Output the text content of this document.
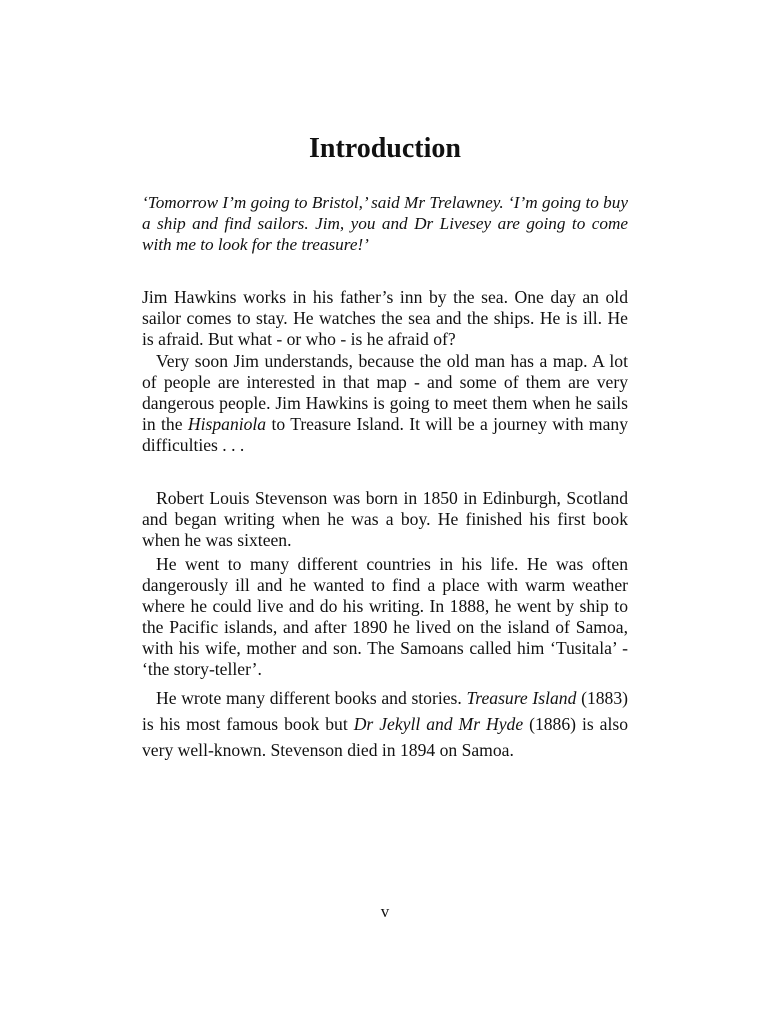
Introduction

‘Tomorrow I’m going to Bristol,’ said Mr Trelawney. ‘I’m going to buy a ship and find sailors. Jim, you and Dr Livesey are going to come with me to look for the treasure!’

Jim Hawkins works in his father’s inn by the sea. One day an old sailor comes to stay. He watches the sea and the ships. He is ill. He is afraid. But what - or who - is he afraid of?

Very soon Jim understands, because the old man has a map. A lot of people are interested in that map - and some of them are very dangerous people. Jim Hawkins is going to meet them when he sails in the Hispaniola to Treasure Island. It will be a journey with many difficulties . . .

Robert Louis Stevenson was born in 1850 in Edinburgh, Scotland and began writing when he was a boy. He finished his first book when he was sixteen.

He went to many different countries in his life. He was often dangerously ill and he wanted to find a place with warm weather where he could live and do his writing. In 1888, he went by ship to the Pacific islands, and after 1890 he lived on the island of Samoa, with his wife, mother and son. The Samoans called him ‘Tusitala’ - ‘the story-teller’.

He wrote many different books and stories. Treasure Island (1883) is his most famous book but Dr Jekyll and Mr Hyde (1886) is also very well-known. Stevenson died in 1894 on Samoa.

v
